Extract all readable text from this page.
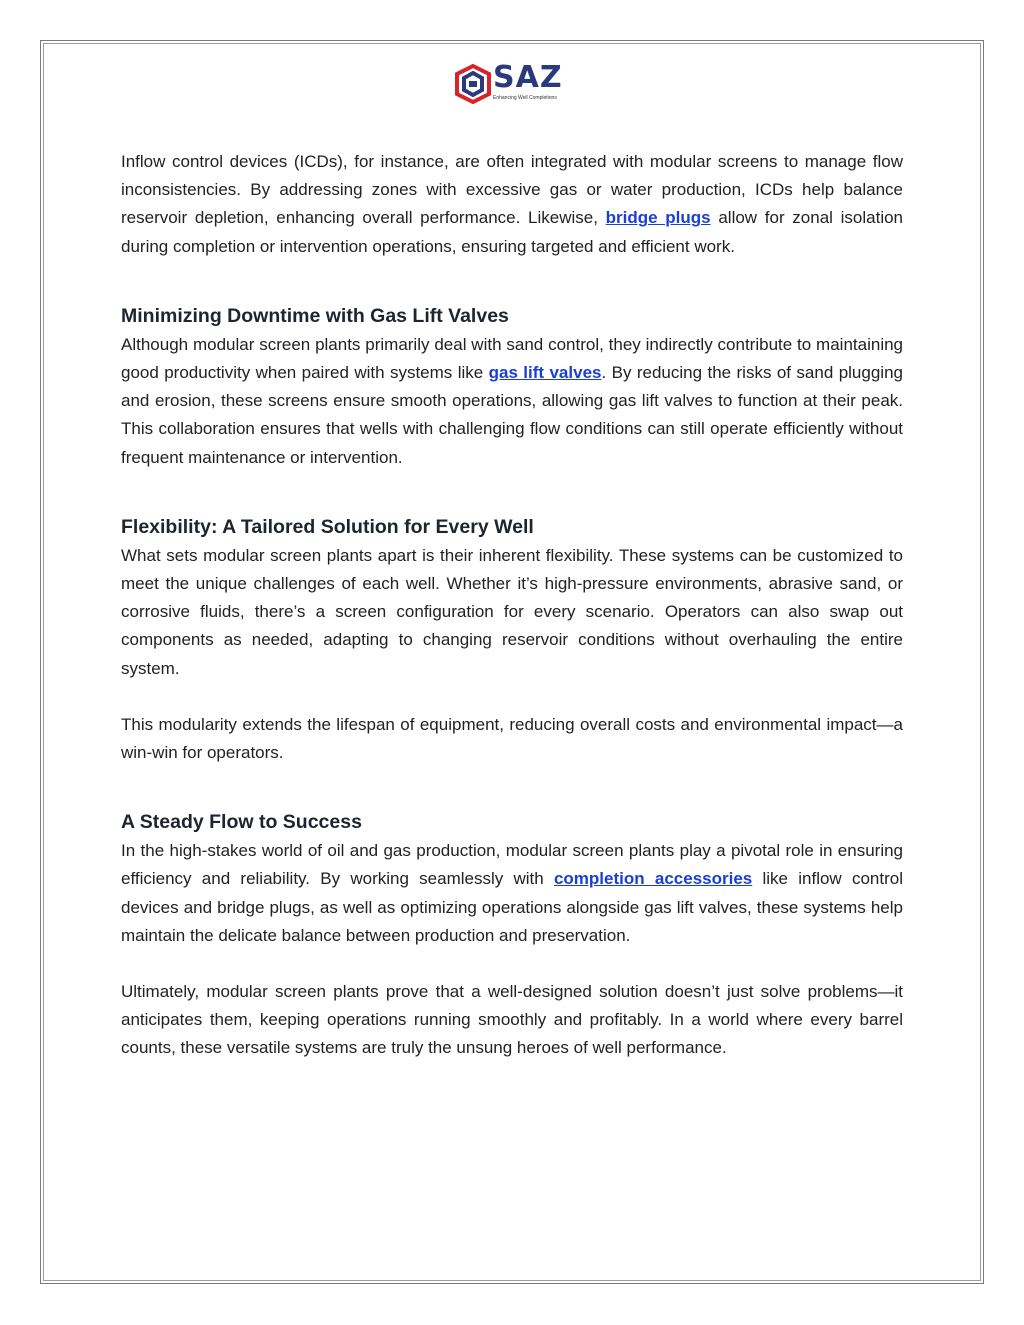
SAZ
Enhancing Well Completions

Inflow control devices (ICDs), for instance, are often integrated with modular screens to manage flow inconsistencies. By addressing zones with excessive gas or water production, ICDs help balance reservoir depletion, enhancing overall performance. Likewise, bridge plugs allow for zonal isolation during completion or intervention operations, ensuring targeted and efficient work.

Minimizing Downtime with Gas Lift Valves

Although modular screen plants primarily deal with sand control, they indirectly contribute to maintaining good productivity when paired with systems like gas lift valves. By reducing the risks of sand plugging and erosion, these screens ensure smooth operations, allowing gas lift valves to function at their peak. This collaboration ensures that wells with challenging flow conditions can still operate efficiently without frequent maintenance or intervention.

Flexibility: A Tailored Solution for Every Well

What sets modular screen plants apart is their inherent flexibility. These systems can be customized to meet the unique challenges of each well. Whether it’s high-pressure environments, abrasive sand, or corrosive fluids, there’s a screen configuration for every scenario. Operators can also swap out components as needed, adapting to changing reservoir conditions without overhauling the entire system.

This modularity extends the lifespan of equipment, reducing overall costs and environmental impact—a win-win for operators.

A Steady Flow to Success

In the high-stakes world of oil and gas production, modular screen plants play a pivotal role in ensuring efficiency and reliability. By working seamlessly with completion accessories like inflow control devices and bridge plugs, as well as optimizing operations alongside gas lift valves, these systems help maintain the delicate balance between production and preservation.

Ultimately, modular screen plants prove that a well-designed solution doesn’t just solve problems—it anticipates them, keeping operations running smoothly and profitably. In a world where every barrel counts, these versatile systems are truly the unsung heroes of well performance.
